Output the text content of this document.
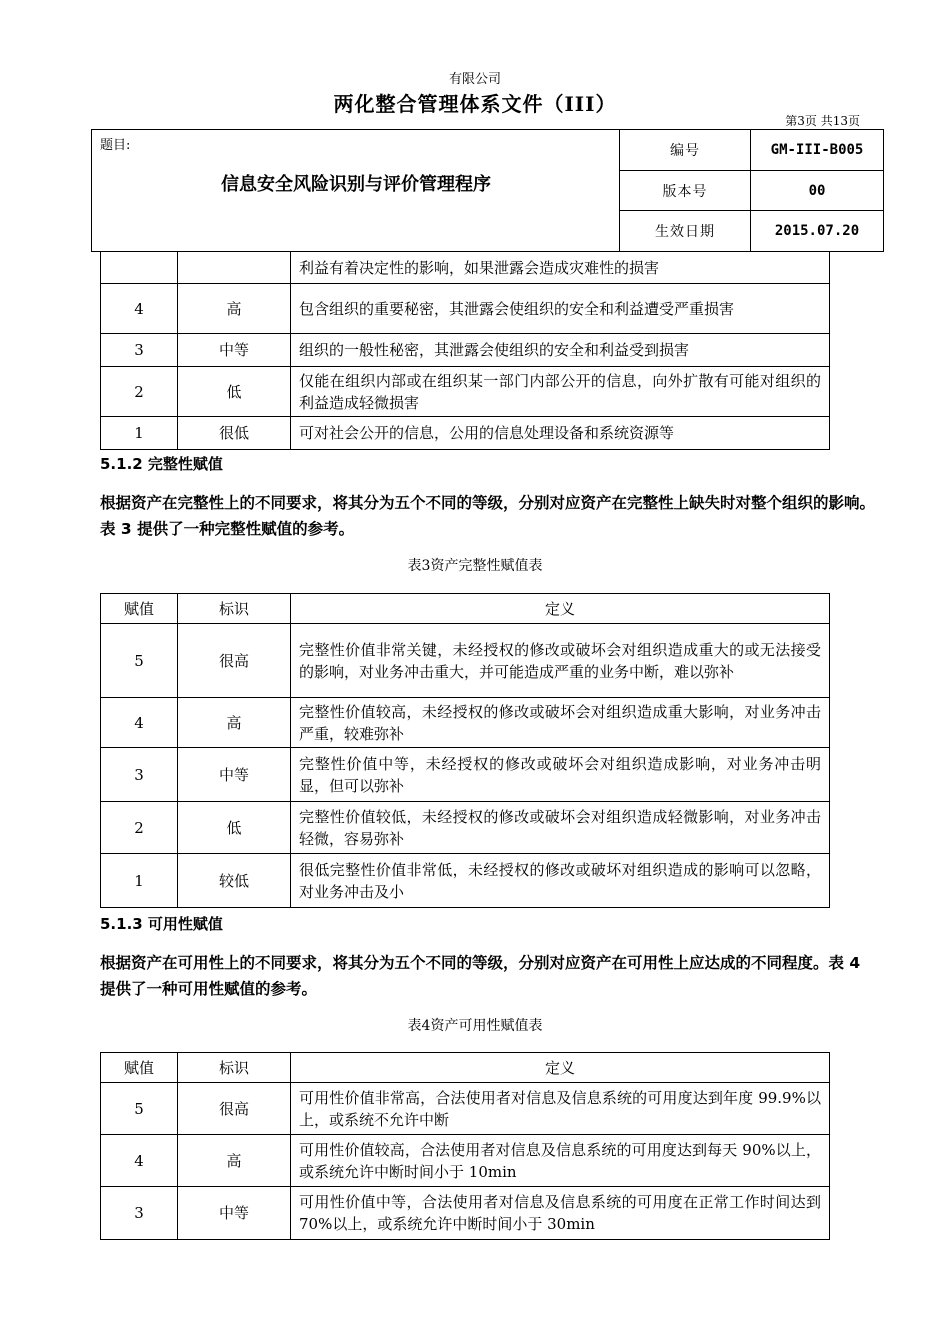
有限公司
两化整合管理体系文件（III）
第3页 共13页
题目:
信息安全风险识别与评价管理程序	编号	GM-III-B005
	版本号	00
	生效日期	2015.07.20
		利益有着决定性的影响，如果泄露会造成灾难性的损害
4	高	包含组织的重要秘密，其泄露会使组织的安全和利益遭受严重损害
3	中等	组织的一般性秘密，其泄露会使组织的安全和利益受到损害
2	低	仅能在组织内部或在组织某一部门内部公开的信息，向外扩散有可能对组织的利益造成轻微损害
1	很低	可对社会公开的信息，公用的信息处理设备和系统资源等
5.1.2 完整性赋值
根据资产在完整性上的不同要求，将其分为五个不同的等级，分别对应资产在完整性上缺失时对整个组织的影响。表 3 提供了一种完整性赋值的参考。
表3资产完整性赋值表
赋值	标识	定义
5	很高	完整性价值非常关键，未经授权的修改或破坏会对组织造成重大的或无法接受的影响，对业务冲击重大，并可能造成严重的业务中断，难以弥补
4	高	完整性价值较高，未经授权的修改或破坏会对组织造成重大影响，对业务冲击严重，较难弥补
3	中等	完整性价值中等，未经授权的修改或破坏会对组织造成影响，对业务冲击明显，但可以弥补
2	低	完整性价值较低，未经授权的修改或破坏会对组织造成轻微影响，对业务冲击轻微，容易弥补
1	较低	很低完整性价值非常低，未经授权的修改或破坏对组织造成的影响可以忽略，对业务冲击及小
5.1.3 可用性赋值
根据资产在可用性上的不同要求，将其分为五个不同的等级，分别对应资产在可用性上应达成的不同程度。表 4 提供了一种可用性赋值的参考。
表4资产可用性赋值表
赋值	标识	定义
5	很高	可用性价值非常高，合法使用者对信息及信息系统的可用度达到年度 99.9%以上，或系统不允许中断
4	高	可用性价值较高，合法使用者对信息及信息系统的可用度达到每天 90%以上，或系统允许中断时间小于 10min
3	中等	可用性价值中等，合法使用者对信息及信息系统的可用度在正常工作时间达到 70%以上，或系统允许中断时间小于 30min
